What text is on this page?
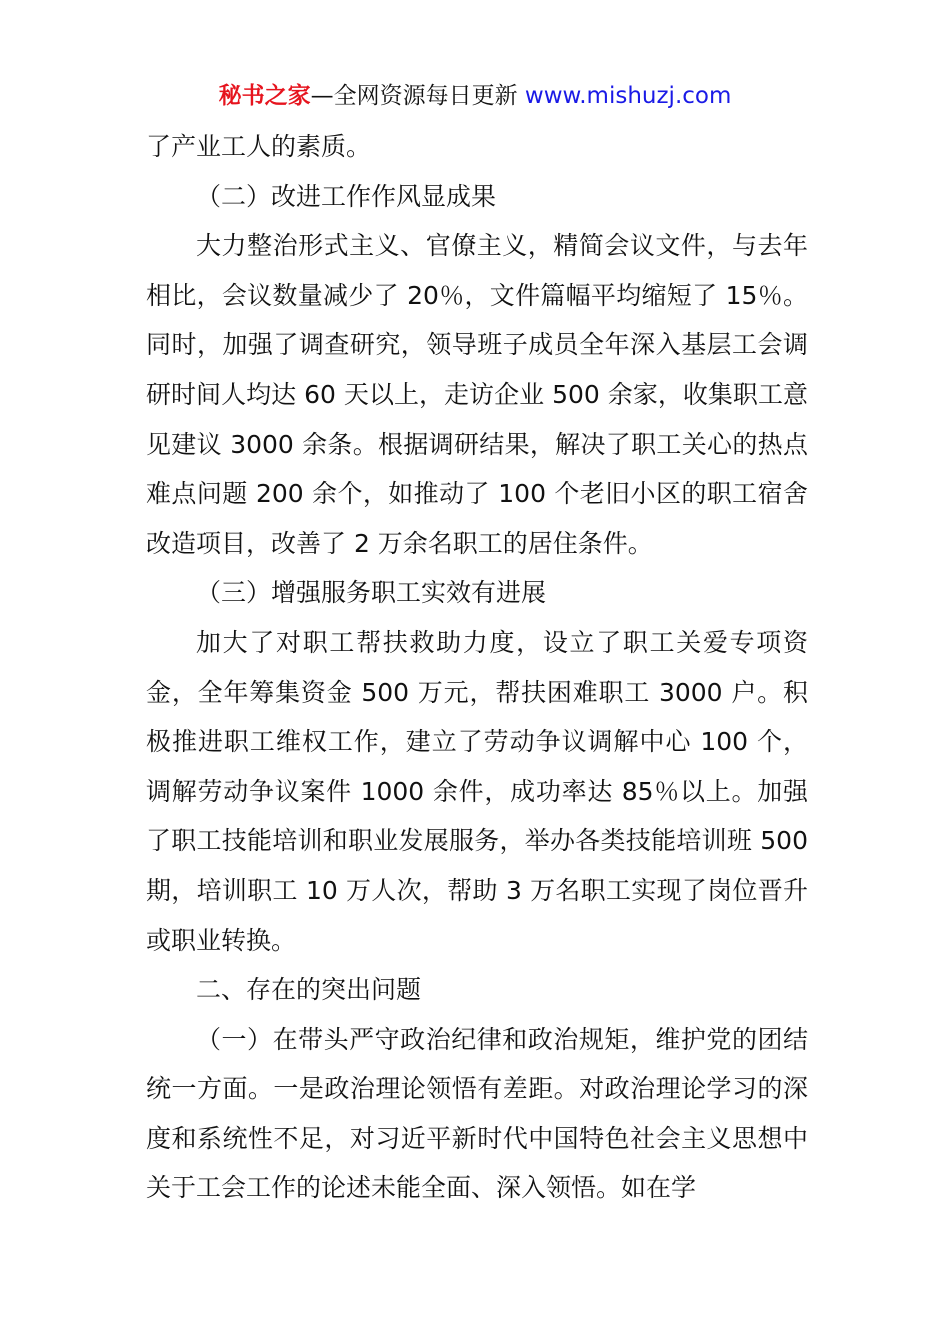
秘书之家—全网资源每日更新 www.mishuzj.com

了产业工人的素质。

（二）改进工作作风显成果

大力整治形式主义、官僚主义，精简会议文件，与去年相比，会议数量减少了 20％，文件篇幅平均缩短了 15％。同时，加强了调查研究，领导班子成员全年深入基层工会调研时间人均达 60 天以上，走访企业 500 余家，收集职工意见建议 3000 余条。根据调研结果，解决了职工关心的热点难点问题 200 余个，如推动了 100 个老旧小区的职工宿舍改造项目，改善了 2 万余名职工的居住条件。

（三）增强服务职工实效有进展

加大了对职工帮扶救助力度，设立了职工关爱专项资金，全年筹集资金 500 万元，帮扶困难职工 3000 户。积极推进职工维权工作，建立了劳动争议调解中心 100 个，调解劳动争议案件 1000 余件，成功率达 85％以上。加强了职工技能培训和职业发展服务，举办各类技能培训班 500 期，培训职工 10 万人次，帮助 3 万名职工实现了岗位晋升或职业转换。

二、存在的突出问题

（一）在带头严守政治纪律和政治规矩，维护党的团结统一方面。一是政治理论领悟有差距。对政治理论学习的深度和系统性不足，对习近平新时代中国特色社会主义思想中关于工会工作的论述未能全面、深入领悟。如在学
